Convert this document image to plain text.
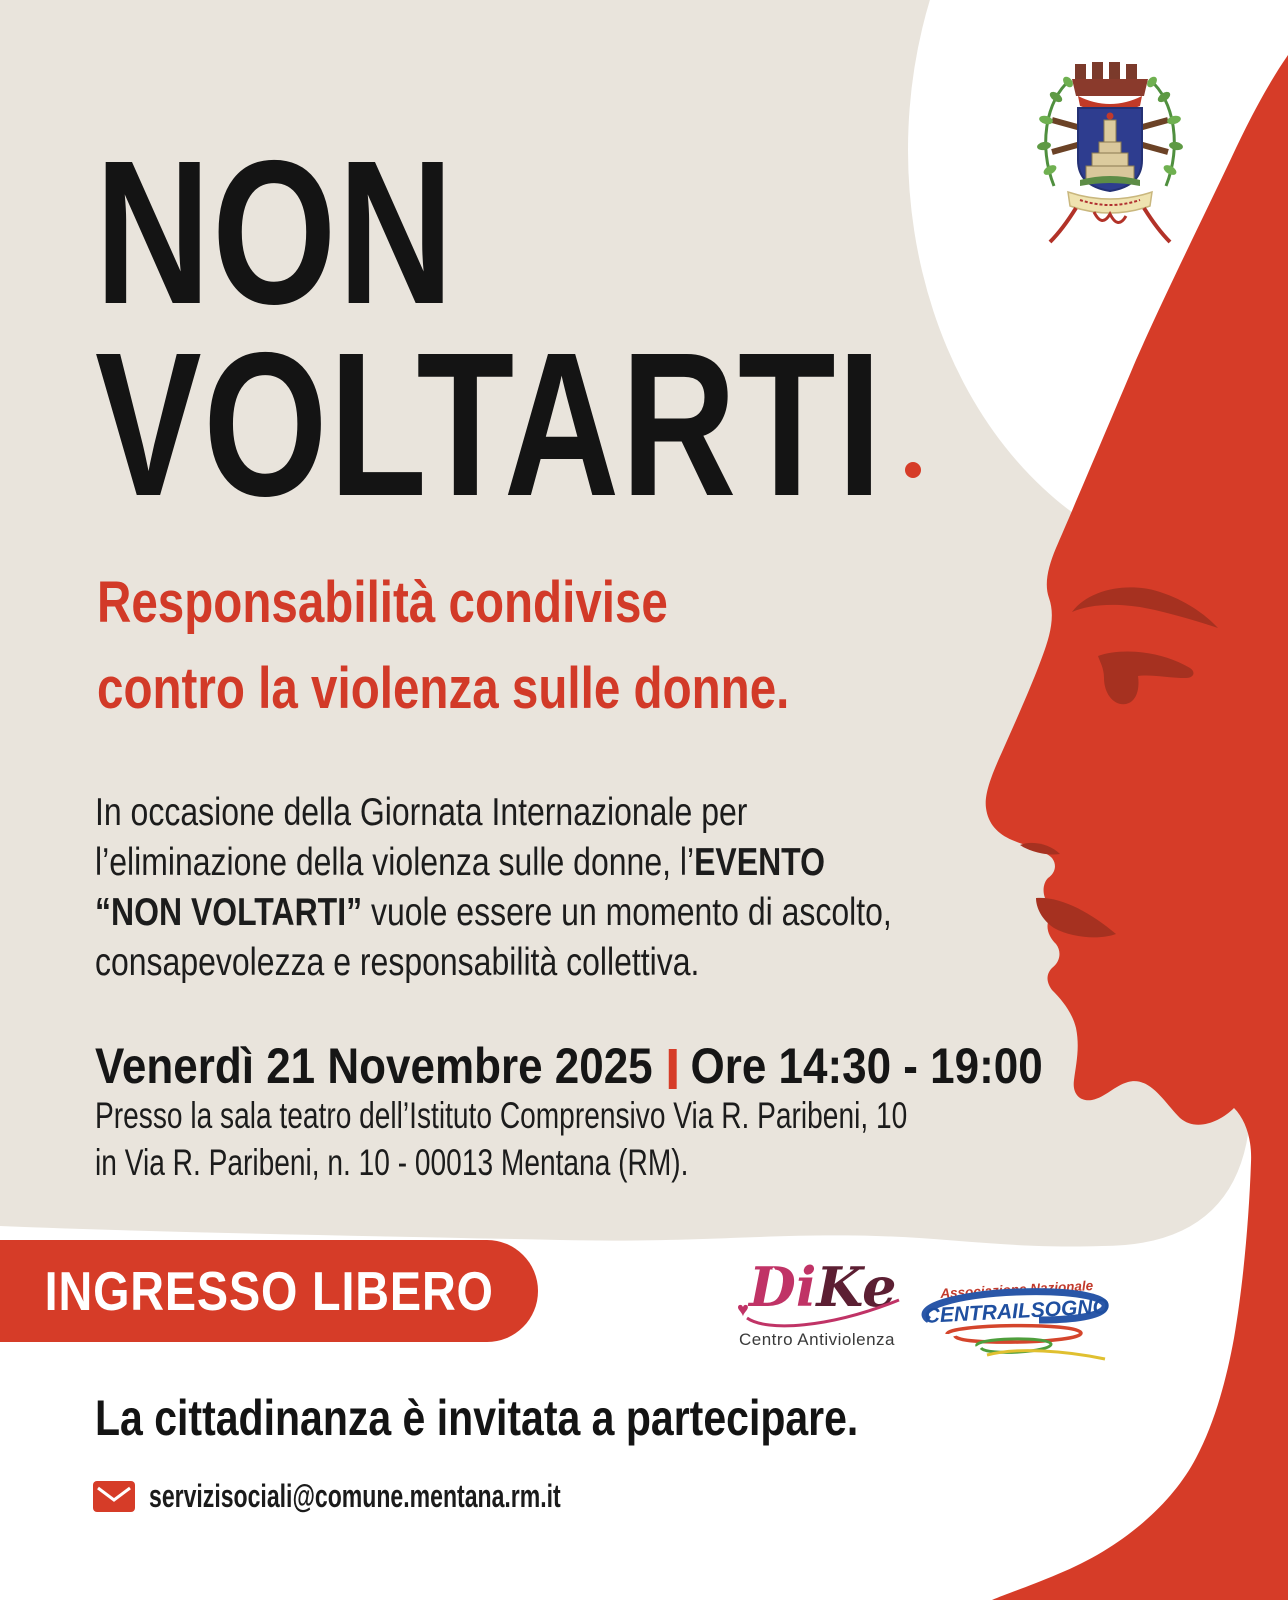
NON
VOLTARTI
Responsabilità condivise
contro la violenza sulle donne.
In occasione della Giornata Internazionale per
l’eliminazione della violenza sulle donne, l’EVENTO
“NON VOLTARTI” vuole essere un momento di ascolto,
consapevolezza e responsabilità collettiva.
Venerdì 21 Novembre 2025 Ore 14:30 - 19:00
Presso la sala teatro dell’Istituto Comprensivo Via R. Paribeni, 10
in Via R. Paribeni, n. 10 - 00013 Mentana (RM).
INGRESSO LIBERO	DiKe
♥
Centro Antiviolenza
Associazione Nazionale
CENTRAILSOGNO
La cittadinanza è invitata a partecipare.
servizisociali@comune.mentana.rm.it
